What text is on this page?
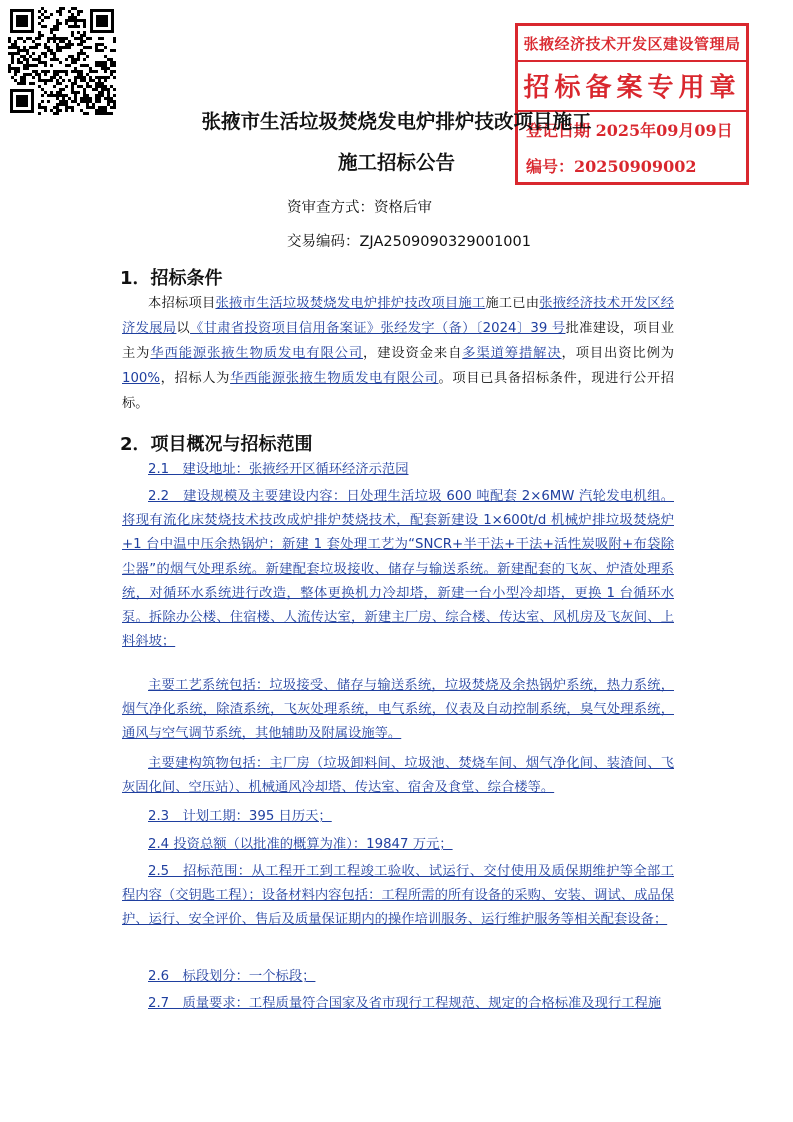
张掖经济技术开发区建设管理局
招标备案专用章
登记日期 2025年09月09日
编号：20250909002
张掖市生活垃圾焚烧发电炉排炉技改项目施工
施工招标公告
资审查方式：资格后审
交易编码：ZJA2509090329001001
1．招标条件
本招标项目张掖市生活垃圾焚烧发电炉排炉技改项目施工施工已由张掖经济技术开发区经济发展局以《甘肃省投资项目信用备案证》张经发字（备）〔2024〕39 号批准建设，项目业主为华西能源张掖生物质发电有限公司，建设资金来自多渠道筹措解决，项目出资比例为100%，招标人为华西能源张掖生物质发电有限公司。项目已具备招标条件，现进行公开招标。
2．项目概况与招标范围
2.1　建设地址：张掖经开区循环经济示范园
2.2　建设规模及主要建设内容：日处理生活垃圾 600 吨配套 2×6MW 汽轮发电机组。将现有流化床焚烧技术技改成炉排炉焚烧技术，配套新建设 1×600t/d 机械炉排垃圾焚烧炉+1 台中温中压余热锅炉；新建 1 套处理工艺为“SNCR+半干法+干法+活性炭吸附+布袋除尘器”的烟气处理系统。新建配套垃圾接收、储存与输送系统。新建配套的飞灰、炉渣处理系统，对循环水系统进行改造，整体更换机力冷却塔，新建一台小型冷却塔，更换 1 台循环水泵。拆除办公楼、住宿楼、人流传达室，新建主厂房、综合楼、传达室、风机房及飞灰间、上料斜坡；
主要工艺系统包括：垃圾接受、储存与输送系统，垃圾焚烧及余热锅炉系统，热力系统，烟气净化系统，除渣系统，飞灰处理系统，电气系统，仪表及自动控制系统，臭气处理系统，通风与空气调节系统，其他辅助及附属设施等。
主要建构筑物包括：主厂房（垃圾卸料间、垃圾池、焚烧车间、烟气净化间、装渣间、飞灰固化间、空压站）、机械通风冷却塔、传达室、宿舍及食堂、综合楼等。
2.3　计划工期：395 日历天；
2.4 投资总额（以批准的概算为准）：19847 万元；
2.5　招标范围：从工程开工到工程竣工验收、试运行、交付使用及质保期维护等全部工程内容（交钥匙工程）；设备材料内容包括：工程所需的所有设备的采购、安装、调试、成品保护、运行、安全评价、售后及质量保证期内的操作培训服务、运行维护服务等相关配套设备；
2.6　标段划分：一个标段；
2.7　质量要求：工程质量符合国家及省市现行工程规范、规定的合格标准及现行工程施
